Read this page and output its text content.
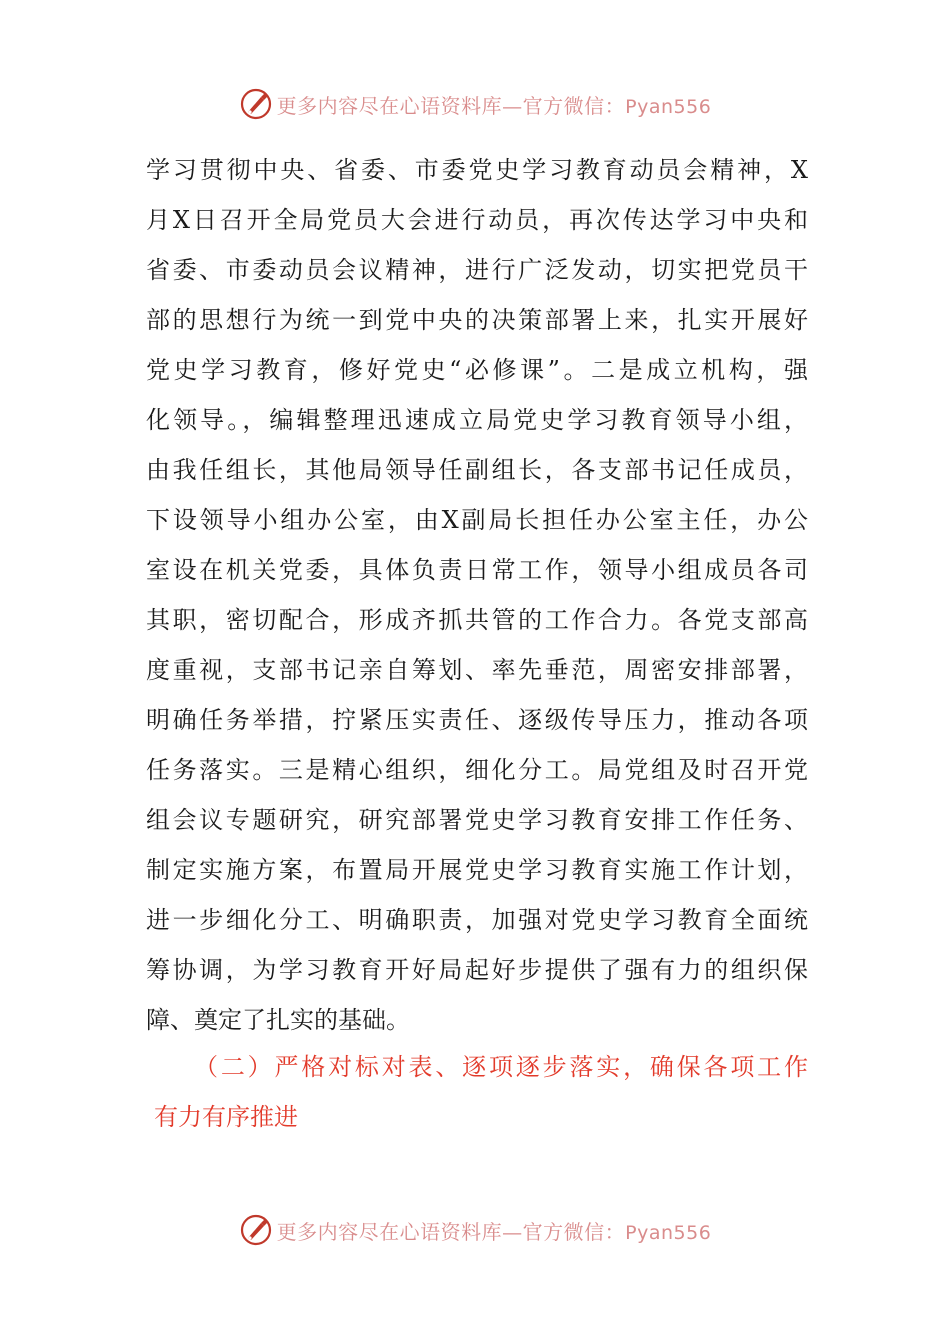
更多内容尽在心语资料库—官方微信：Pyan556
学习贯彻中央、省委、市委党史学习教育动员会精神，X
月X日召开全局党员大会进行动员，再次传达学习中央和
省委、市委动员会议精神，进行广泛发动，切实把党员干
部的思想行为统一到党中央的决策部署上来，扎实开展好
党史学习教育，修好党史“必修课”。二是成立机构，强
化领导。，编辑整理迅速成立局党史学习教育领导小组，
由我任组长，其他局领导任副组长，各支部书记任成员，
下设领导小组办公室，由X副局长担任办公室主任，办公
室设在机关党委，具体负责日常工作，领导小组成员各司
其职，密切配合，形成齐抓共管的工作合力。各党支部高
度重视，支部书记亲自筹划、率先垂范，周密安排部署，
明确任务举措，拧紧压实责任、逐级传导压力，推动各项
任务落实。三是精心组织，细化分工。局党组及时召开党
组会议专题研究，研究部署党史学习教育安排工作任务、
制定实施方案，布置局开展党史学习教育实施工作计划，
进一步细化分工、明确职责，加强对党史学习教育全面统
筹协调，为学习教育开好局起好步提供了强有力的组织保
障、奠定了扎实的基础。
（二）严格对标对表、逐项逐步落实，确保各项工作
有力有序推进
更多内容尽在心语资料库—官方微信：Pyan556
